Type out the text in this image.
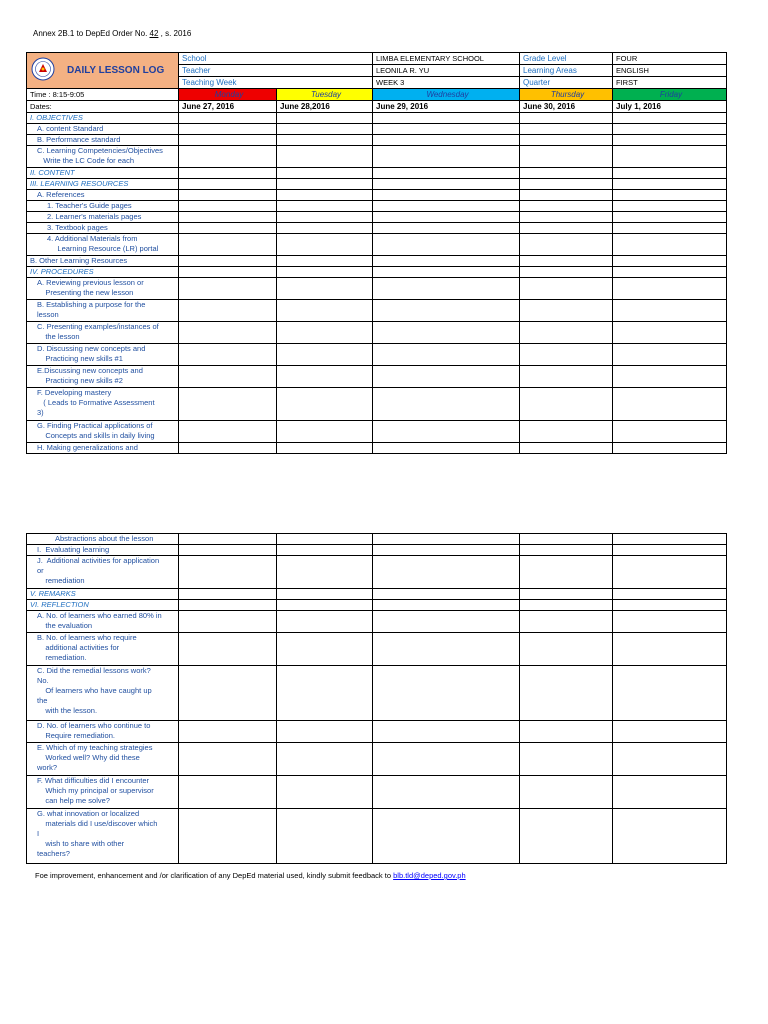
Annex 2B.1 to DepEd Order No. 42 , s. 2016
DAILY LESSON LOG	School		LIMBA ELEMENTARY SCHOOL	Grade Level	FOUR
	Teacher		LEONILA R. YU	Learning Areas	ENGLISH
	Teaching Week		WEEK 3	Quarter	FIRST
Time : 8:15-9:05	Monday	Tuesday	Wednesday	Thursday	Friday
Dates:	June 27, 2016	June 28,2016	June 29, 2016	June 30, 2016	July 1, 2016
I. OBJECTIVES					
A. content Standard					
B. Performance standard					
C. Learning Competencies/Objectives
Write the LC Code for each					
II. CONTENT					
III. LEARNING RESOURCES					
A. References					
1. Teacher's Guide pages					
2. Learner's materials pages					
3. Textbook pages					
4. Additional Materials from
Learning Resource (LR) portal					
B. Other Learning Resources					
IV. PROCEDURES					
A. Reviewing previous lesson or
Presenting the new lesson					
B. Establishing a purpose for the
lesson					
C. Presenting examples/instances of
the lesson					
D. Discussing new concepts and
Practicing new skills #1					
E.Discussing new concepts and
Practicing new skills #2					
F. Developing mastery
( Leads to Formative Assessment
3)					
G. Finding Practical applications of
Concepts and skills in daily living					
H. Making generalizations and					
Abstractions about the lesson					
I.  Evaluating learning					
J.  Additional activities for application
or
remediation					
V. REMARKS					
VI. REFLECTION					
A. No. of learners who earned 80% in
the evaluation					
B. No. of learners who require
additional activities for
remediation.					
C. Did the remedial lessons work?
No.
Of learners who have caught up
the
with the lesson.					
D. No. of learners who continue to
Require remediation.					
E. Which of my teaching strategies
Worked well? Why did these
work?					
F. What difficulties did I encounter
Which my principal or supervisor
can help me solve?					
G. what innovation or localized
materials did I use/discover which
I
wish to share with other
teachers?					
Foe improvement, enhancement and /or clarification of any DepEd material used, kindly submit feedback to blb.tld@deped.gov.ph
